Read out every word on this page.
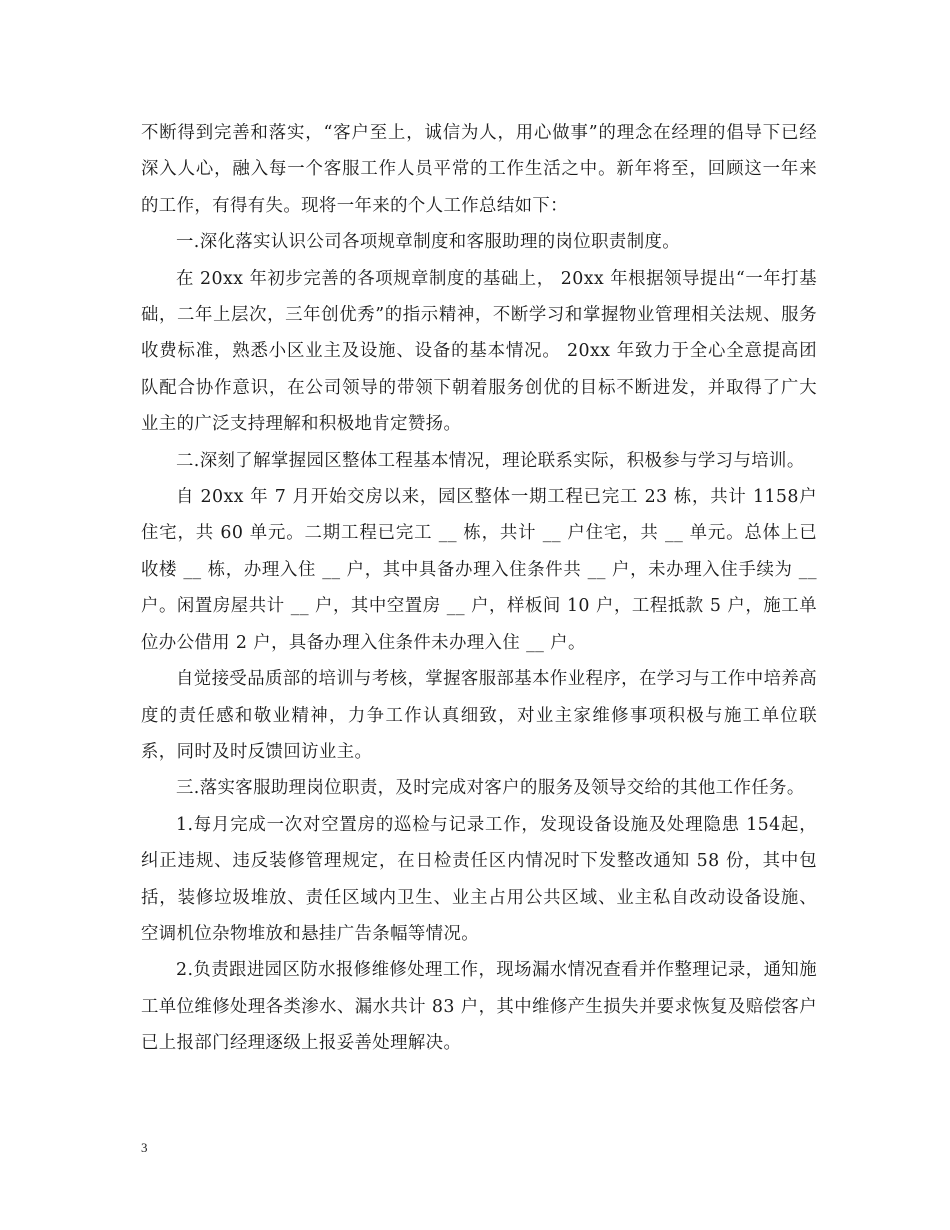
不断得到完善和落实，“客户至上，诚信为人，用心做事”的理念在经理的倡导下已经深入人心，融入每一个客服工作人员平常的工作生活之中。新年将至，回顾这一年来的工作，有得有失。现将一年来的个人工作总结如下：

一.深化落实认识公司各项规章制度和客服助理的岗位职责制度。

在 20xx 年初步完善的各项规章制度的基础上， 20xx 年根据领导提出“一年打基础，二年上层次，三年创优秀”的指示精神，不断学习和掌握物业管理相关法规、服务收费标准，熟悉小区业主及设施、设备的基本情况。 20xx 年致力于全心全意提高团队配合协作意识，在公司领导的带领下朝着服务创优的目标不断进发，并取得了广大业主的广泛支持理解和积极地肯定赞扬。

二.深刻了解掌握园区整体工程基本情况，理论联系实际，积极参与学习与培训。

自 20xx 年 7 月开始交房以来，园区整体一期工程已完工 23 栋，共计 1158户住宅，共 60 单元。二期工程已完工 __ 栋，共计 __ 户住宅，共 __ 单元。总体上已收楼 __ 栋，办理入住 __ 户，其中具备办理入住条件共 __ 户，未办理入住手续为 __ 户。闲置房屋共计 __ 户，其中空置房 __ 户，样板间 10 户，工程抵款 5 户，施工单位办公借用 2 户，具备办理入住条件未办理入住 __ 户。

自觉接受品质部的培训与考核，掌握客服部基本作业程序，在学习与工作中培养高度的责任感和敬业精神，力争工作认真细致，对业主家维修事项积极与施工单位联系，同时及时反馈回访业主。

三.落实客服助理岗位职责，及时完成对客户的服务及领导交给的其他工作任务。

1.每月完成一次对空置房的巡检与记录工作，发现设备设施及处理隐患 154起，纠正违规、违反装修管理规定，在日检责任区内情况时下发整改通知 58 份，其中包括，装修垃圾堆放、责任区域内卫生、业主占用公共区域、业主私自改动设备设施、空调机位杂物堆放和悬挂广告条幅等情况。

2.负责跟进园区防水报修维修处理工作，现场漏水情况查看并作整理记录，通知施工单位维修处理各类渗水、漏水共计 83 户，其中维修产生损失并要求恢复及赔偿客户已上报部门经理逐级上报妥善处理解决。

3
